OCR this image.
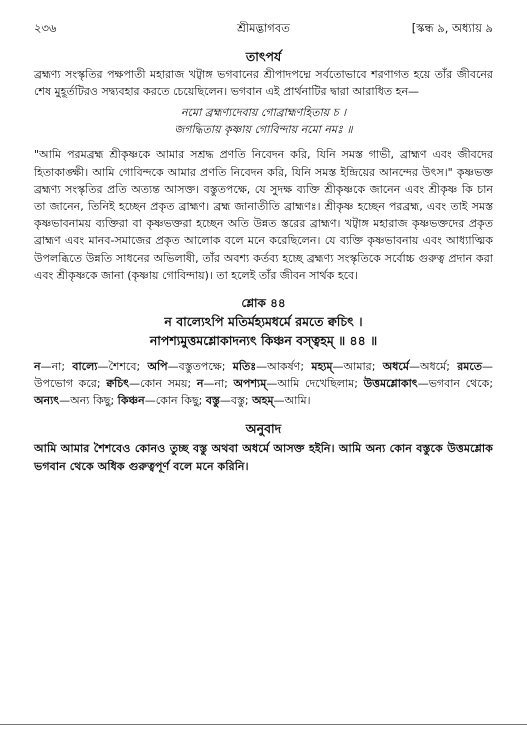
২৩৬	শ্রীমদ্ভাগবত	[স্কন্ধ ৯, অধ্যায় ৯

তাৎপর্য

ব্রহ্মণ্য সংস্কৃতির পক্ষপাতী মহারাজ খট্বাঙ্গ ভগবানের শ্রীপাদপদ্মে সর্বতোভাবে শরণাগত হয়ে তাঁর জীবনের শেষ মুহূর্তটিরও সদ্ব্যবহার করতে চেয়েছিলেন। ভগবান এই প্রার্থনাটির দ্বারা আরাধিত হন—

নমো ব্রহ্মণ্যদেবায় গোব্রাহ্মণহিতায় চ ।
জগদ্ধিতায় কৃষ্ণায় গোবিন্দায় নমো নমঃ ॥

"আমি পরমব্রহ্ম শ্রীকৃষ্ণকে আমার সশ্রদ্ধ প্রণতি নিবেদন করি, যিনি সমস্ত গাভী, ব্রাহ্মণ এবং জীবদের হিতাকাঙ্ক্ষী। আমি গোবিন্দকে আমার প্রণতি নিবেদন করি, যিনি সমস্ত ইন্দ্রিয়ের আনন্দের উৎস।" কৃষ্ণভক্ত ব্রহ্মণ্য সংস্কৃতির প্রতি অত্যন্ত আসক্ত। বস্তুতপক্ষে, যে সুদক্ষ ব্যক্তি শ্রীকৃষ্ণকে জানেন এবং শ্রীকৃষ্ণ কি চান তা জানেন, তিনিই হচ্ছেন প্রকৃত ব্রাহ্মণ। ব্রহ্ম জানাতীতি ব্রাহ্মণঃ। শ্রীকৃষ্ণ হচ্ছেন পরব্রহ্ম, এবং তাই সমস্ত কৃষ্ণভাবনাময় ব্যক্তিরা বা কৃষ্ণভক্তরা হচ্ছেন অতি উন্নত স্তরের ব্রাহ্মণ। খট্বাঙ্গ মহারাজ কৃষ্ণভক্তদের প্রকৃত ব্রাহ্মণ এবং মানব-সমাজের প্রকৃত আলোক বলে মনে করেছিলেন। যে ব্যক্তি কৃষ্ণভাবনায় এবং আধ্যাত্মিক উপলব্ধিতে উন্নতি সাধনের অভিলাষী, তাঁর অবশ্য কর্তব্য হচ্ছে ব্রহ্মণ্য সংস্কৃতিকে সর্বোচ্চ গুরুত্ব প্রদান করা এবং শ্রীকৃষ্ণকে জানা (কৃষ্ণায় গোবিন্দায়)। তা হলেই তাঁর জীবন সার্থক হবে।

শ্লোক ৪৪

ন বাল্যেঽপি মতির্মহ্যমধর্মে রমতে ক্বচিৎ ।
নাপশ্যমুত্তমশ্লোকাদন্যৎ কিঞ্চন বস্ত্বহম্ ॥ ৪৪ ॥

ন—না; বাল্যে—শৈশবে; অপি—বস্তুতপক্ষে; মতিঃ—আকর্ষণ; মহ্যম্—আমার; অধর্মে—অধর্মে; রমতে—উপভোগ করে; ক্বচিৎ—কোন সময়; ন—না; অপশ্যম্—আমি দেখেছিলাম; উত্তমশ্লোকাৎ—ভগবান থেকে; অন্যৎ—অন্য কিছু; কিঞ্চন—কোন কিছু; বস্তু—বস্তু; অহম্—আমি।

অনুবাদ

আমি আমার শৈশবেও কোনও তুচ্ছ বস্তু অথবা অধর্মে আসক্ত হইনি। আমি অন্য কোন বস্তুকে উত্তমশ্লোক ভগবান থেকে অধিক গুরুত্বপূর্ণ বলে মনে করিনি।
